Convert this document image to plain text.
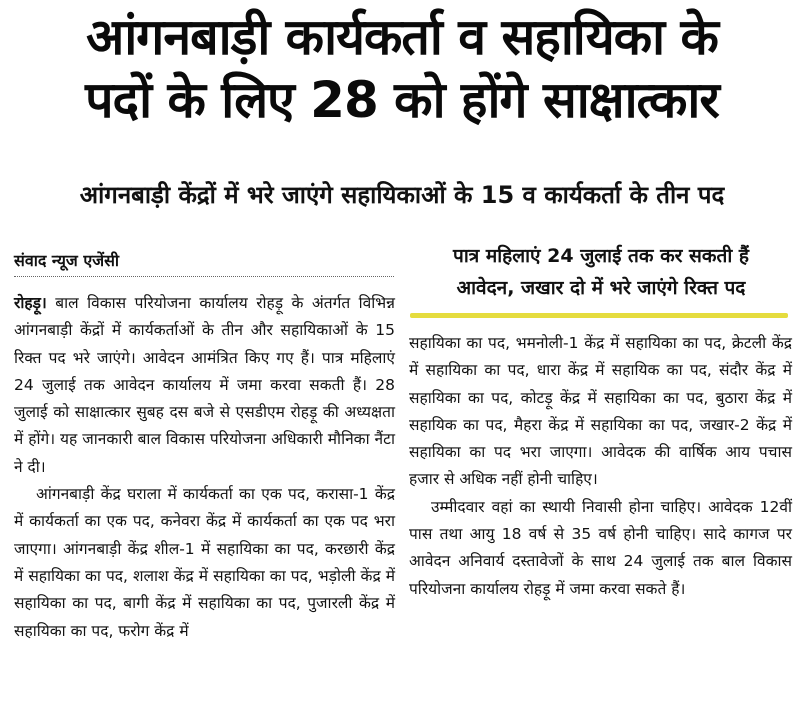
आंगनबाड़ी कार्यकर्ता व सहायिका के
पदों के लिए 28 को होंगे साक्षात्कार
आंगनबाड़ी केंद्रों में भरे जाएंगे सहायिकाओं के 15 व कार्यकर्ता के तीन पद
संवाद न्यूज एजेंसी	पात्र महिलाएं 24 जुलाई तक कर सकती हैं
आवेदन, जखार दो में भरे जाएंगे रिक्त पद

रोहड़ू। बाल विकास परियोजना कार्यालय रोहड़ू के अंतर्गत विभिन्न आंगनबाड़ी केंद्रों में कार्यकर्ताओं के तीन और सहायिकाओं के 15 रिक्त पद भरे जाएंगे। आवेदन आमंत्रित किए गए हैं। पात्र महिलाएं 24 जुलाई तक आवेदन कार्यालय में जमा करवा सकती हैं। 28 जुलाई को साक्षात्कार सुबह दस बजे से एसडीएम रोहड़ू की अध्यक्षता में होंगे। यह जानकारी बाल विकास परियोजना अधिकारी मौनिका नैंटा ने दी।

आंगनबाड़ी केंद्र घराला में कार्यकर्ता का एक पद, करासा-1 केंद्र में कार्यकर्ता का एक पद, कनेवरा केंद्र में कार्यकर्ता का एक पद भरा जाएगा। आंगनबाड़ी केंद्र शील-1 में सहायिका का पद, करछारी केंद्र में सहायिका का पद, शलाश केंद्र में सहायिका का पद, भड़ोली केंद्र में सहायिका का पद, बागी केंद्र में सहायिका का पद, पुजारली केंद्र में सहायिका का पद, फरोग केंद्र में

सहायिका का पद, भमनोली-1 केंद्र में सहायिका का पद, क्रेटली केंद्र में सहायिका का पद, धारा केंद्र में सहायिक का पद, संदौर केंद्र में सहायिका का पद, कोटड़ू केंद्र में सहायिका का पद, बुठारा केंद्र में सहायिक का पद, मैहरा केंद्र में सहायिका का पद, जखार-2 केंद्र में सहायिका का पद भरा जाएगा। आवेदक की वार्षिक आय पचास हजार से अधिक नहीं होनी चाहिए।

उम्मीदवार वहां का स्थायी निवासी होना चाहिए। आवेदक 12वीं पास तथा आयु 18 वर्ष से 35 वर्ष होनी चाहिए। सादे कागज पर आवेदन अनिवार्य दस्तावेजों के साथ 24 जुलाई तक बाल विकास परियोजना कार्यालय रोहड़ू में जमा करवा सकते हैं।
